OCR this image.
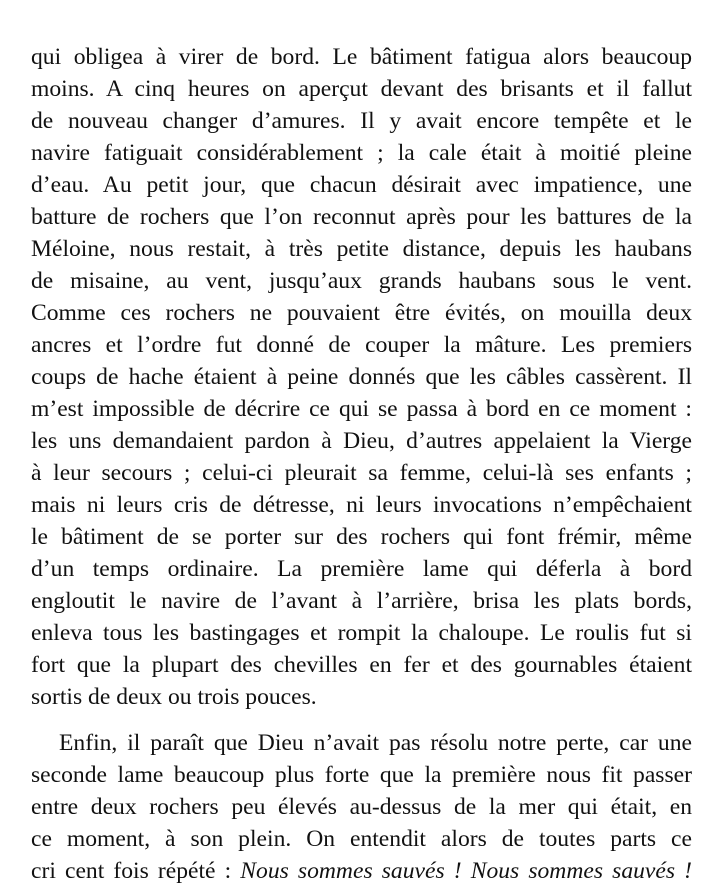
qui obligea à virer de bord. Le bâtiment fatigua alors beaucoup
moins. A cinq heures on aperçut devant des brisants et il fallut
de nouveau changer d’amures. Il y avait encore tempête et le
navire fatiguait considérablement ; la cale était à moitié pleine
d’eau. Au petit jour, que chacun désirait avec impatience, une
batture de rochers que l’on reconnut après pour les battures de la
Méloine, nous restait, à très petite distance, depuis les haubans
de misaine, au vent, jusqu’aux grands haubans sous le vent.
Comme ces rochers ne pouvaient être évités, on mouilla deux
ancres et l’ordre fut donné de couper la mâture. Les premiers
coups de hache étaient à peine donnés que les câbles cassèrent. Il
m’est impossible de décrire ce qui se passa à bord en ce moment :
les uns demandaient pardon à Dieu, d’autres appelaient la Vierge
à leur secours ; celui-ci pleurait sa femme, celui-là ses enfants ;
mais ni leurs cris de détresse, ni leurs invocations n’empêchaient
le bâtiment de se porter sur des rochers qui font frémir, même
d’un temps ordinaire. La première lame qui déferla à bord
engloutit le navire de l’avant à l’arrière, brisa les plats bords,
enleva tous les bastingages et rompit la chaloupe. Le roulis fut si
fort que la plupart des chevilles en fer et des gournables étaient
sortis de deux ou trois pouces.
Enfin, il paraît que Dieu n’avait pas résolu notre perte, car une
seconde lame beaucoup plus forte que la première nous fit passer
entre deux rochers peu élevés au-dessus de la mer qui était, en
ce moment, à son plein. On entendit alors de toutes parts ce
cri cent fois répété : Nous sommes sauvés ! Nous sommes sauvés !
